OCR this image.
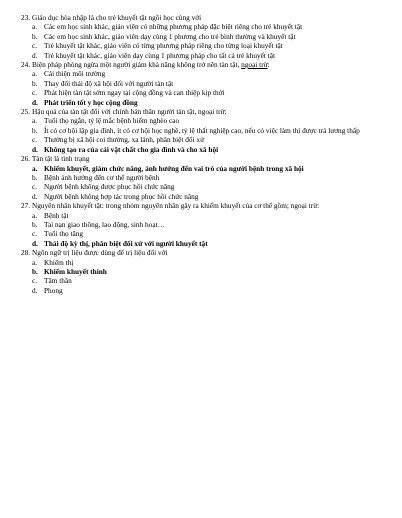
23. Giáo dục hòa nhập là cho trẻ khuyết tật ngồi học cùng với
a. Các em học sinh khác, giáo viên có những phương pháp đặc biệt riêng cho trẻ khuyết tật
b. Các em học sinh khác, giáo viên dạy cùng 1 phương cho trẻ bình thường và khuyết tật
c. Trẻ khuyết tật khác, giáo viên có từng phương pháp riêng cho từng loại khuyết tật
d. Trẻ khuyết tật khác, giáo viên dạy cùng 1 phương pháp cho tất cả trẻ khuyết tật
24. Biện pháp phòng ngừa một người giảm khả năng không trở nên tàn tật, ngoại trừ:
a. Cải thiện môi trường
b. Thay đổi thái độ xã hội đối với người tàn tật
c. Phát hiện tàn tật sớm ngay tại cộng đồng và can thiệp kịp thời
d. Phát triển tốt y học cộng đồng
25. Hậu quả của tàn tật đối với chính bản thân người tàn tật, ngoại trừ:
a. Tuổi thọ ngắn, tỷ lệ mắc bệnh hiểm nghèo cao
b. Ít có cơ hội lập gia đình, ít có cơ hội học nghề, tỷ lệ thất nghiệp cao, nếu có việc làm thì được trả lương thấp
c. Thường bị xã hội coi thường, xa lánh, phân biệt đối xử
d. Không tạo ra của cải vật chất cho gia đình và cho xã hội
26. Tàn tật là tình trạng
a. Khiếm khuyết, giảm chức năng, ảnh hưởng đến vai trò của người bệnh trong xã hội
b. Bệnh ảnh hưởng đến cơ thể người bệnh
c. Người bệnh không được phục hồi chức năng
d. Người bệnh không hợp tác trong phục hồi chức năng
27. Nguyên nhân khuyết tật: trong nhóm nguyên nhân gây ra khiếm khuyết của cơ thể gồm; ngoại trừ:
a. Bệnh tật
b. Tai nạn giao thông, lao động, sinh hoạt…
c. Tuổi thọ tăng
d. Thái độ kỳ thị, phân biệt đối xử với người khuyết tật
28. Ngôn ngữ trị liệu được dùng để trị liệu đối với
a. Khiếm thị
b. Khiếm khuyết thính
c. Tâm thần
d. Phong
